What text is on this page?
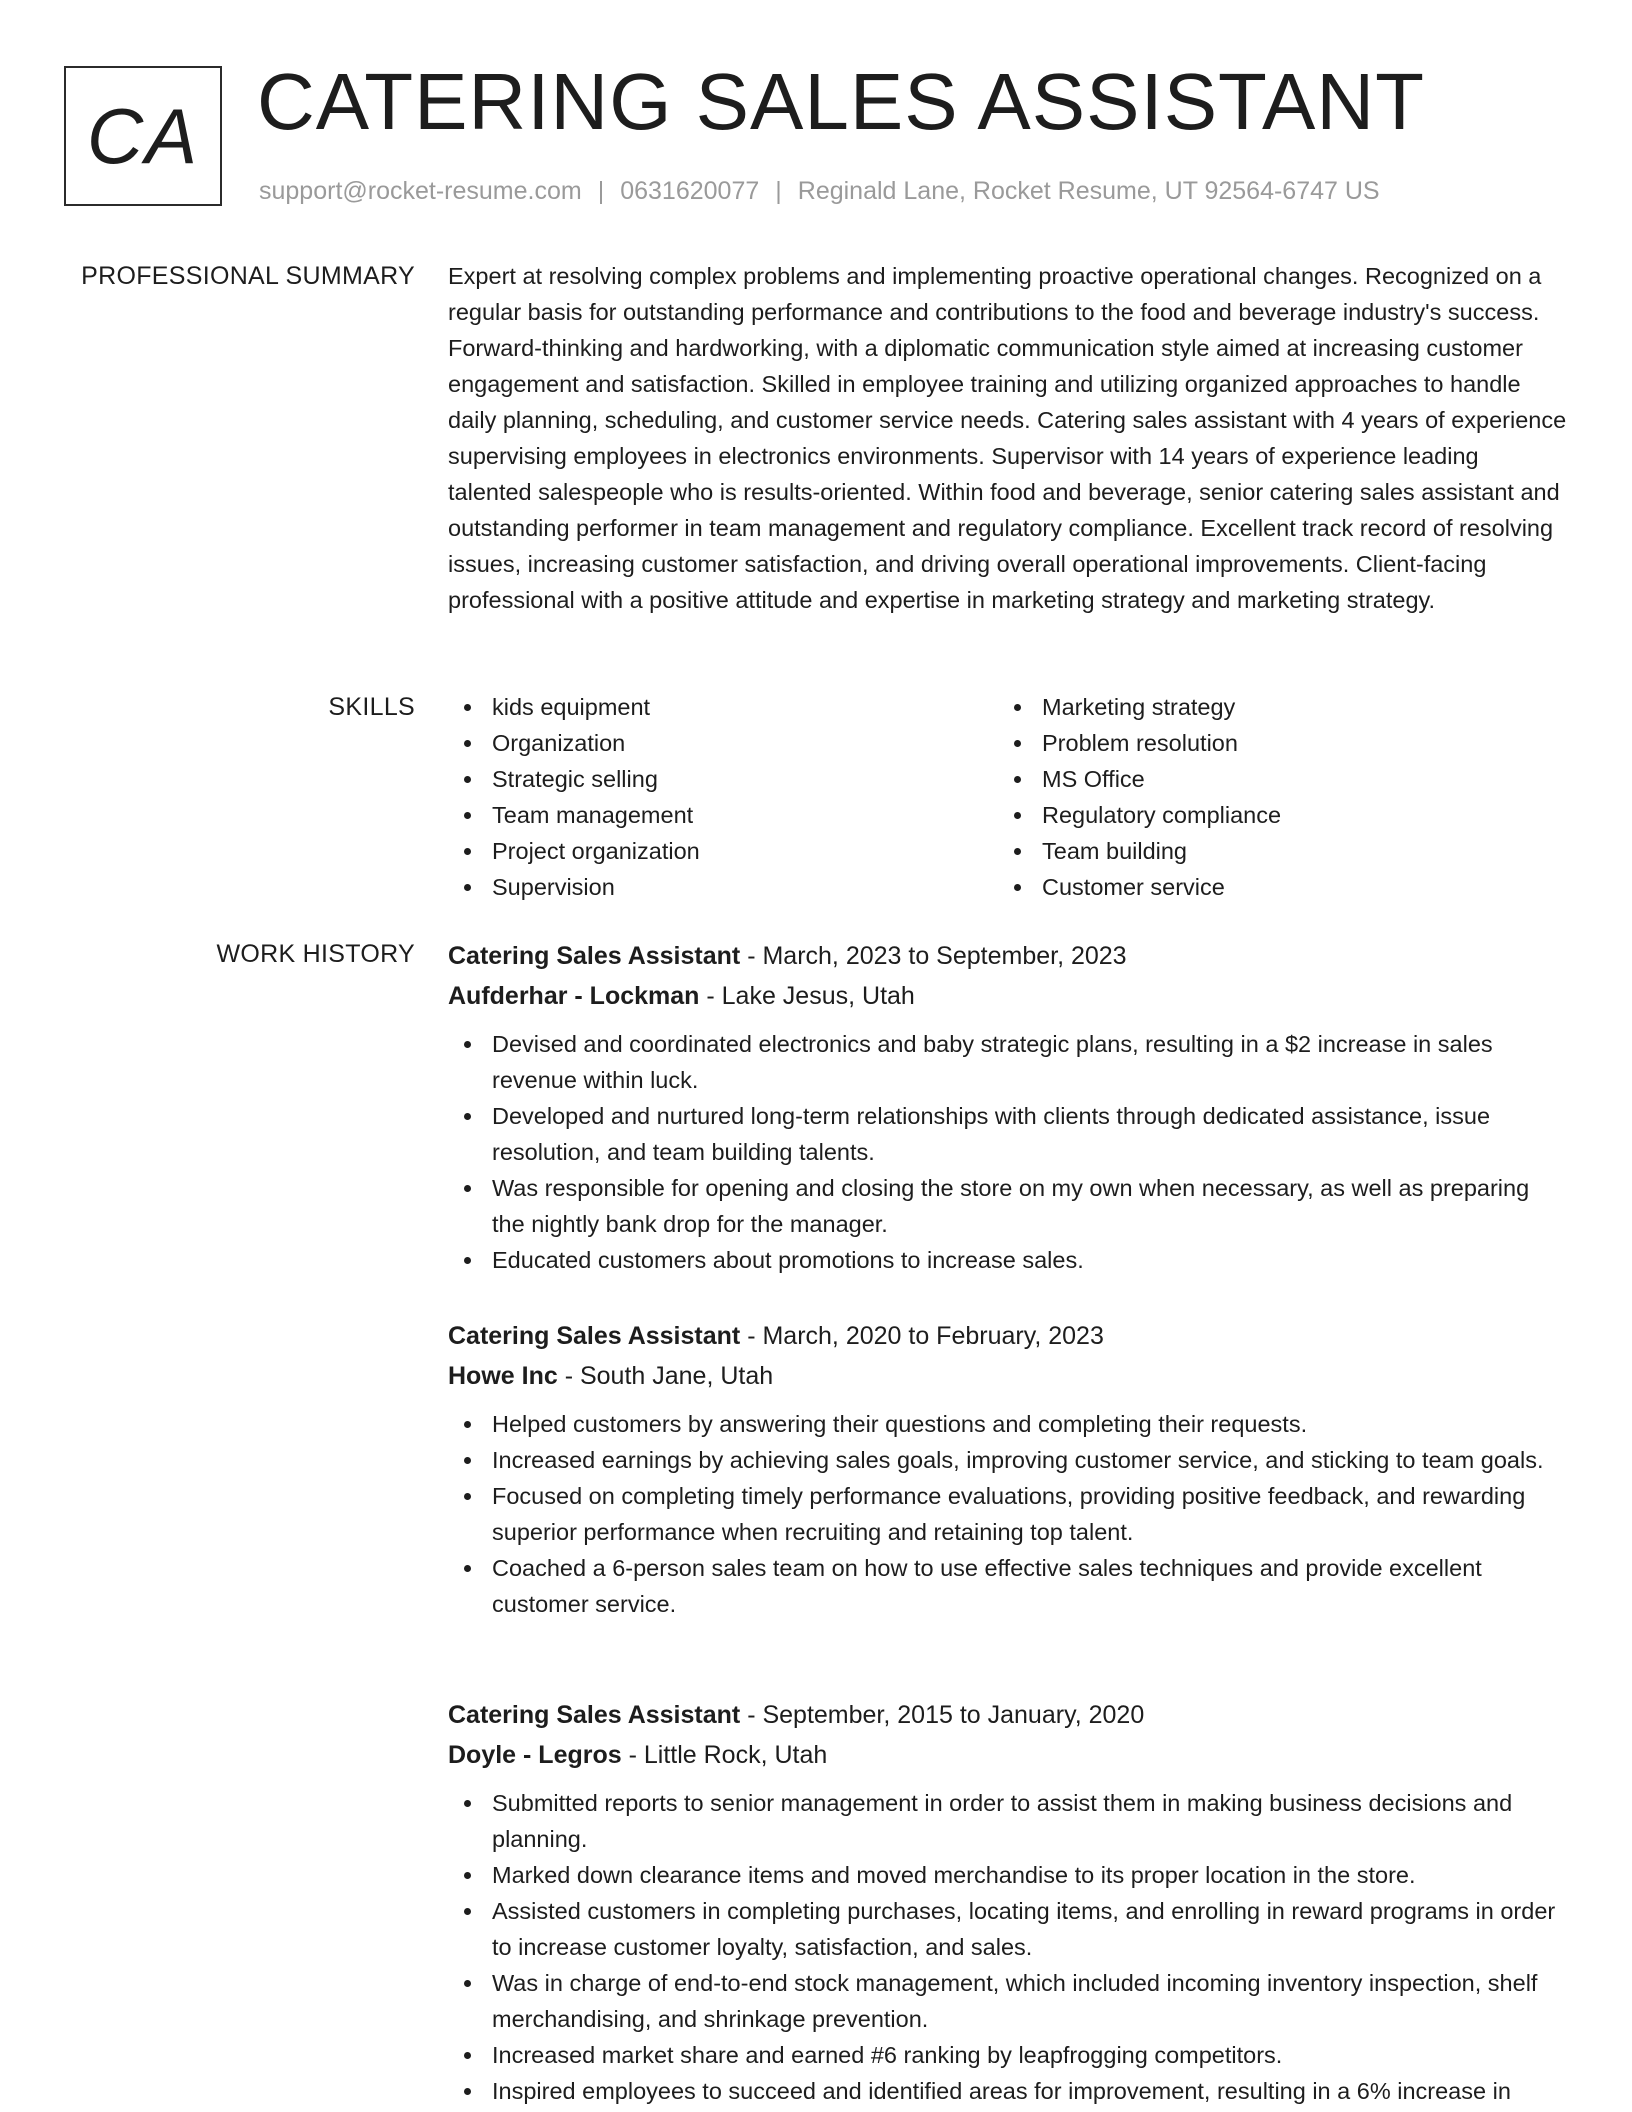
CA CATERING SALES ASSISTANT
support@rocket-resume.com | 0631620077 | Reginald Lane, Rocket Resume, UT 92564-6747 US
PROFESSIONAL SUMMARY Expert at resolving complex problems and implementing proactive operational changes. Recognized on a regular basis for outstanding performance and contributions to the food and beverage industry's success. Forward-thinking and hardworking, with a diplomatic communication style aimed at increasing customer engagement and satisfaction. Skilled in employee training and utilizing organized approaches to handle daily planning, scheduling, and customer service needs. Catering sales assistant with 4 years of experience supervising employees in electronics environments. Supervisor with 14 years of experience leading talented salespeople who is results-oriented. Within food and beverage, senior catering sales assistant and outstanding performer in team management and regulatory compliance. Excellent track record of resolving issues, increasing customer satisfaction, and driving overall operational improvements. Client-facing professional with a positive attitude and expertise in marketing strategy and marketing strategy.

SKILLS	kids equipment
Organization
Strategic selling
Team management
Project organization
Supervision
Marketing strategy
Problem resolution
MS Office
Regulatory compliance
Team building
Customer service
WORK HISTORY Catering Sales Assistant - March, 2023 to September, 2023
Aufderhar - Lockman - Lake Jesus, Utah
Devised and coordinated electronics and baby strategic plans, resulting in a $2 increase in sales revenue within luck.
Developed and nurtured long-term relationships with clients through dedicated assistance, issue resolution, and team building talents.
Was responsible for opening and closing the store on my own when necessary, as well as preparing the nightly bank drop for the manager.
Educated customers about promotions to increase sales.
Catering Sales Assistant - March, 2020 to February, 2023
Howe Inc - South Jane, Utah
Helped customers by answering their questions and completing their requests.
Increased earnings by achieving sales goals, improving customer service, and sticking to team goals.
Focused on completing timely performance evaluations, providing positive feedback, and rewarding superior performance when recruiting and retaining top talent.
Coached a 6-person sales team on how to use effective sales techniques and provide excellent customer service.
Catering Sales Assistant - September, 2015 to January, 2020
Doyle - Legros - Little Rock, Utah
Submitted reports to senior management in order to assist them in making business decisions and planning.
Marked down clearance items and moved merchandise to its proper location in the store.
Assisted customers in completing purchases, locating items, and enrolling in reward programs in order to increase customer loyalty, satisfaction, and sales.
Was in charge of end-to-end stock management, which included incoming inventory inspection, shelf merchandising, and shrinkage prevention.
Increased market share and earned #6 ranking by leapfrogging competitors.
Inspired employees to succeed and identified areas for improvement, resulting in a 6% increase in
